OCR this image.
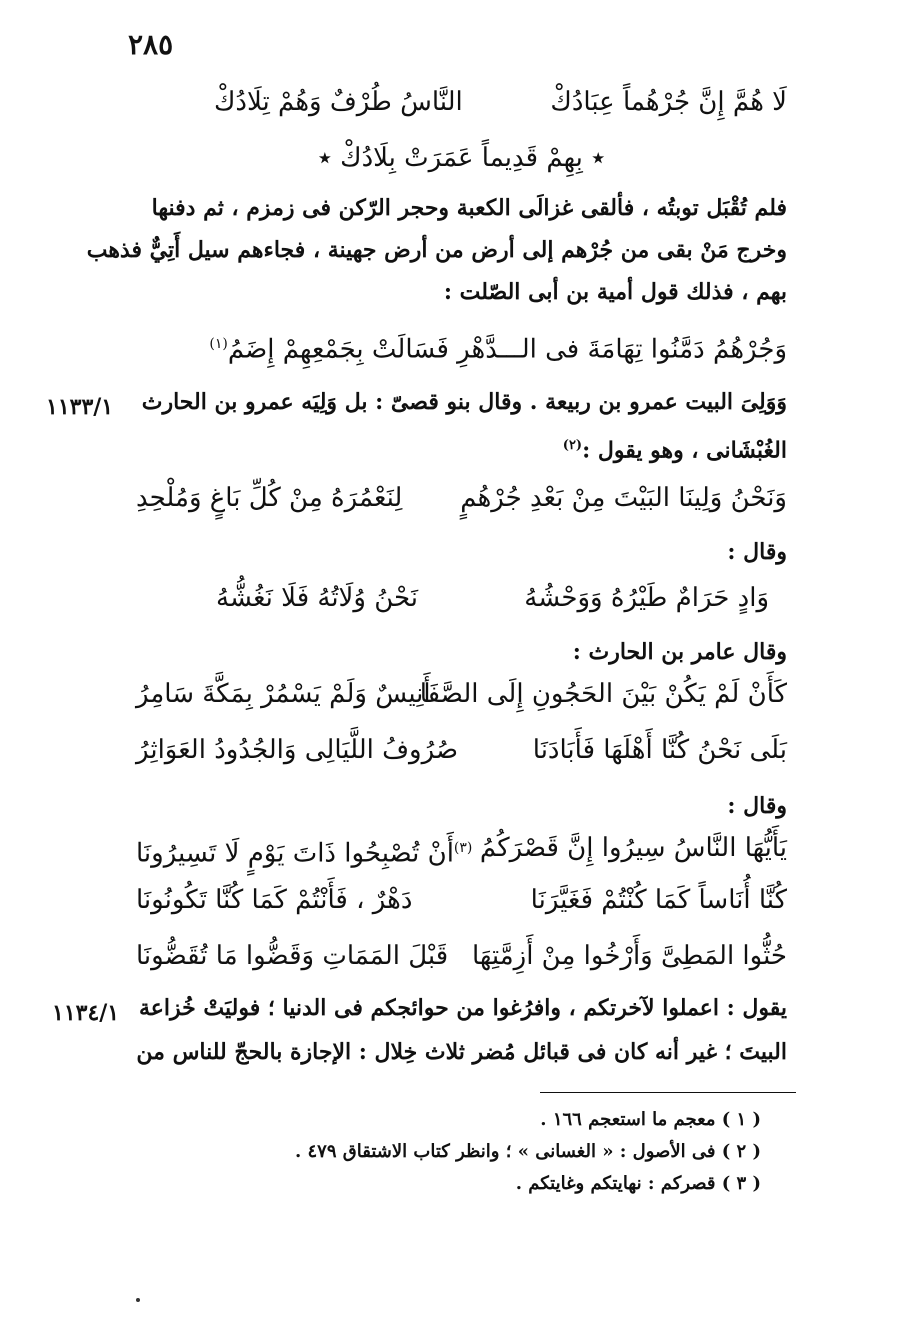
٢٨٥
لَا هُمَّ إِنَّ جُرْهُماً عِبَادُكْ
النَّاسُ طُرْفٌ وَهُمْ تِلَادُكْ
٭ بِهِمْ قَدِيماً عَمَرَتْ بِلَادُكْ ٭
فلم تُقْبَل توبتُه ، فألقى غزالَى الكعبة وحجر الرّكن فى زمزم ، ثم دفنها
وخرج مَنْ بقى من جُرْهم إلى أرض من أرض جهينة ، فجاءهم سيل أَتِيٌّ فذهب
بهم ، فذلك قول أمية بن أبى الصّلت :
وَجُرْهُمُ دَمَّنُوا تِهَامَةَ فى الـــدَّهْرِ فَسَالَتْ بِجَمْعِهِمْ إِضَمُ$^{(١)}$
١١٣٣/١ وَوَلِىَ البيت عمرو بن ربيعة . وقال بنو قصىّ : بل وَلِيَه عمرو بن الحارث
الغُبْشَانى ، وهو يقول :$^{(٢)}$
وَنَحْنُ وَلِينَا البَيْتَ مِنْ بَعْدِ جُرْهُمٍ
لِنَعْمُرَهُ مِنْ كُلِّ بَاغٍ وَمُلْحِدِ
وقال :
وَادٍ حَرَامٌ طَيْرُهُ وَوَحْشُهُ
نَحْنُ وُلَاتُهُ فَلَا نَغُشُّهُ
وقال عامر بن الحارث :
كَأَنْ لَمْ يَكُنْ بَيْنَ الحَجُونِ إِلَى الصَّفَا
أَنِيسٌ وَلَمْ يَسْمُرْ بِمَكَّةَ سَامِرُ
بَلَى نَحْنُ كُنَّا أَهْلَهَا فَأَبَادَنَا
صُرُوفُ اللَّيَالِى وَالجُدُودُ العَوَاثِرُ
وقال :
يَأَيُّهَا النَّاسُ سِيرُوا إِنَّ قَصْرَكُمُ
$^{(٣)}$أَنْ تُصْبِحُوا ذَاتَ يَوْمٍ لَا تَسِيرُونَا
كُنَّا أُنَاساً كَمَا كُنْتُمْ فَغَيَّرَنَا
دَهْرٌ ، فَأَنْتُمْ كَمَا كُنَّا تَكُونُونَا
حُثُّوا المَطِىَّ وَأَرْخُوا مِنْ أَزِمَّتِهَا
قَبْلَ المَمَاتِ وَقَضُّوا مَا تُقَضُّونَا
١١٣٤/١ يقول : اعملوا لآخرتكم ، وافرُغوا من حوائجكم فى الدنيا ؛ فوليَتْ خُزاعة
البيتَ ؛ غير أنه كان فى قبائل مُضر ثلاث خِلال : الإجازة بالحجّ للناس من
( ١ ) معجم ما استعجم ١٦٦ .
( ٢ ) فى الأصول : « الغسانى » ؛ وانظر كتاب الاشتقاق ٤٧٩ .
( ٣ ) قصركم : نهايتكم وغايتكم .
